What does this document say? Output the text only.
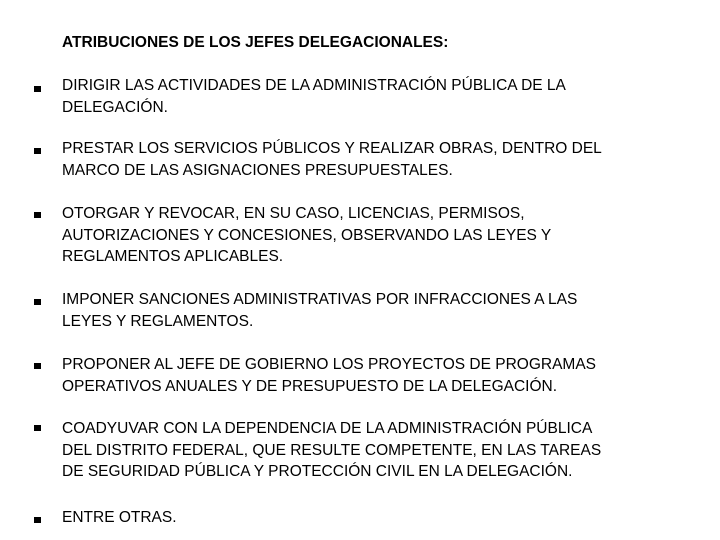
ATRIBUCIONES DE LOS JEFES DELEGACIONALES:
DIRIGIR LAS ACTIVIDADES DE LA ADMINISTRACIÓN PÚBLICA DE LA
DELEGACIÓN.
PRESTAR LOS SERVICIOS PÚBLICOS Y REALIZAR OBRAS, DENTRO DEL
MARCO DE LAS ASIGNACIONES PRESUPUESTALES.
OTORGAR Y REVOCAR, EN SU CASO, LICENCIAS, PERMISOS,
AUTORIZACIONES Y CONCESIONES, OBSERVANDO LAS LEYES Y
REGLAMENTOS APLICABLES.
IMPONER SANCIONES ADMINISTRATIVAS POR INFRACCIONES A LAS
LEYES Y REGLAMENTOS.
PROPONER AL JEFE DE GOBIERNO LOS PROYECTOS DE PROGRAMAS
OPERATIVOS ANUALES Y DE PRESUPUESTO DE LA DELEGACIÓN.
COADYUVAR CON LA DEPENDENCIA DE LA ADMINISTRACIÓN PÚBLICA
DEL DISTRITO FEDERAL, QUE RESULTE COMPETENTE, EN LAS TAREAS
DE SEGURIDAD PÚBLICA Y PROTECCIÓN CIVIL EN LA DELEGACIÓN.
ENTRE OTRAS.
